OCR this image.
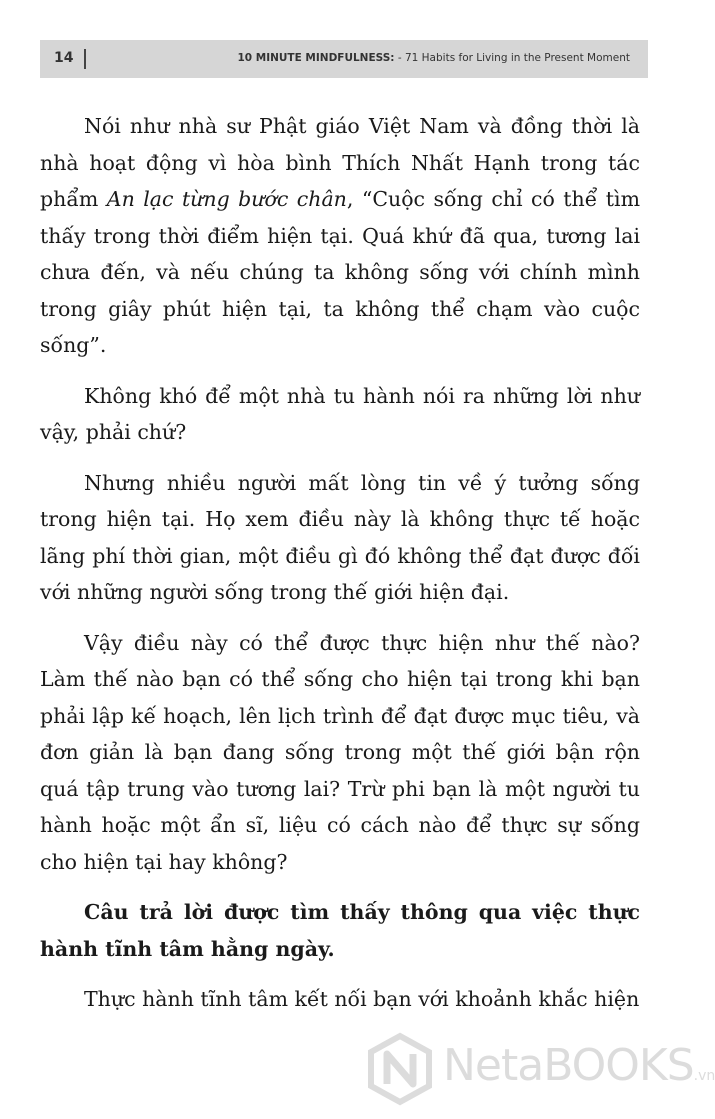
14	10 MINUTE MINDFULNESS: - 71 Habits for Living in the Present Moment

Nói như nhà sư Phật giáo Việt Nam và đồng thời là nhà hoạt động vì hòa bình Thích Nhất Hạnh trong tác phẩm An lạc từng bước chân, “Cuộc sống chỉ có thể tìm thấy trong thời điểm hiện tại. Quá khứ đã qua, tương lai chưa đến, và nếu chúng ta không sống với chính mình trong giây phút hiện tại, ta không thể chạm vào cuộc sống”.

Không khó để một nhà tu hành nói ra những lời như vậy, phải chứ?

Nhưng nhiều người mất lòng tin về ý tưởng sống trong hiện tại. Họ xem điều này là không thực tế hoặc lãng phí thời gian, một điều gì đó không thể đạt được đối với những người sống trong thế giới hiện đại.

Vậy điều này có thể được thực hiện như thế nào? Làm thế nào bạn có thể sống cho hiện tại trong khi bạn phải lập kế hoạch, lên lịch trình để đạt được mục tiêu, và đơn giản là bạn đang sống trong một thế giới bận rộn quá tập trung vào tương lai? Trừ phi bạn là một người tu hành hoặc một ẩn sĩ, liệu có cách nào để thực sự sống cho hiện tại hay không?

Câu trả lời được tìm thấy thông qua việc thực hành tĩnh tâm hằng ngày.

Thực hành tĩnh tâm kết nối bạn với khoảnh khắc hiện

NetaBOOKS.vn
